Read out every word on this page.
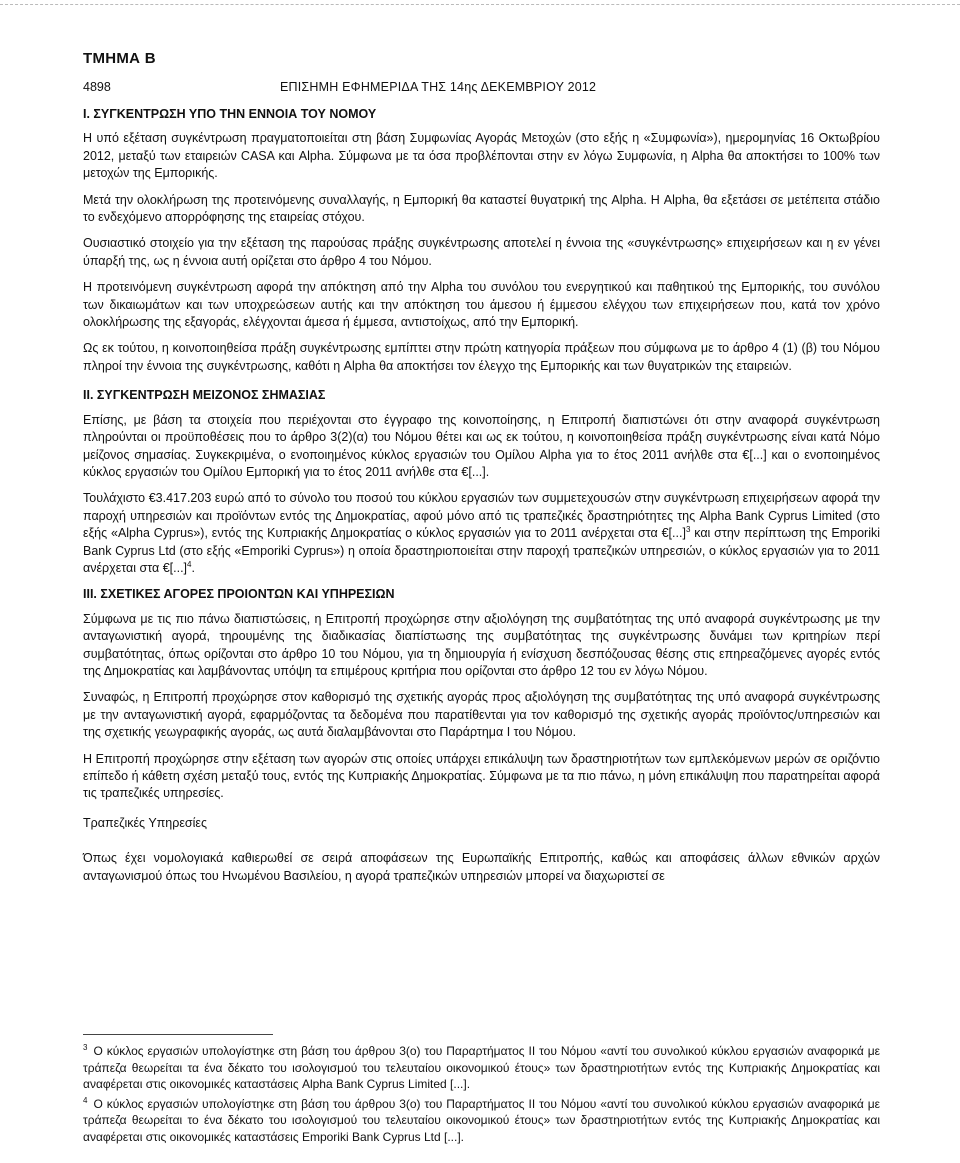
ΤΜΗΜΑ Β
4898	ΕΠΙΣΗΜΗ ΕΦΗΜΕΡΙΔΑ ΤΗΣ 14ης ΔΕΚΕΜΒΡΙΟΥ 2012
I. ΣΥΓΚΕΝΤΡΩΣΗ ΥΠΟ ΤΗΝ ΕΝΝΟΙΑ ΤΟΥ ΝΟΜΟΥ

Η υπό εξέταση συγκέντρωση πραγματοποιείται στη βάση Συμφωνίας Αγοράς Μετοχών (στο εξής η «Συμφωνία»), ημερομηνίας 16 Οκτωβρίου 2012, μεταξύ των εταιρειών CASA και Alpha. Σύμφωνα με τα όσα προβλέπονται στην εν λόγω Συμφωνία, η Alpha θα αποκτήσει το 100% των μετοχών της Εμπορικής.

Μετά την ολοκλήρωση της προτεινόμενης συναλλαγής, η Εμπορική θα καταστεί θυγατρική της Alpha. Η Alpha, θα εξετάσει σε μετέπειτα στάδιο το ενδεχόμενο απορρόφησης της εταιρείας στόχου.

Ουσιαστικό στοιχείο για την εξέταση της παρούσας πράξης συγκέντρωσης αποτελεί η έννοια της «συγκέντρωσης» επιχειρήσεων και η εν γένει ύπαρξή της, ως η έννοια αυτή ορίζεται στο άρθρο 4 του Νόμου.

Η προτεινόμενη συγκέντρωση αφορά την απόκτηση από την Alpha του συνόλου του ενεργητικού και παθητικού της Εμπορικής, του συνόλου των δικαιωμάτων και των υποχρεώσεων αυτής και την απόκτηση του άμεσου ή έμμεσου ελέγχου των επιχειρήσεων που, κατά τον χρόνο ολοκλήρωσης της εξαγοράς, ελέγχονται άμεσα ή έμμεσα, αντιστοίχως, από την Εμπορική.

Ως εκ τούτου, η κοινοποιηθείσα πράξη συγκέντρωσης εμπίπτει στην πρώτη κατηγορία πράξεων που σύμφωνα με το άρθρο 4 (1) (β) του Νόμου πληροί την έννοια της συγκέντρωσης, καθότι η Alpha θα αποκτήσει τον έλεγχο της Εμπορικής και των θυγατρικών της εταιρειών.

II. ΣΥΓΚΕΝΤΡΩΣΗ ΜΕΙΖΟΝΟΣ ΣΗΜΑΣΙΑΣ

Επίσης, με βάση τα στοιχεία που περιέχονται στο έγγραφο της κοινοποίησης, η Επιτροπή διαπιστώνει ότι στην αναφορά συγκέντρωση πληρούνται οι προϋποθέσεις που το άρθρο 3(2)(α) του Νόμου θέτει και ως εκ τούτου, η κοινοποιηθείσα πράξη συγκέντρωσης είναι κατά Νόμο μείζονος σημασίας. Συγκεκριμένα, ο ενοποιημένος κύκλος εργασιών του Ομίλου Alpha για το έτος 2011 ανήλθε στα €[...] και ο ενοποιημένος κύκλος εργασιών του Ομίλου Εμπορική για το έτος 2011 ανήλθε στα €[...].

Τουλάχιστο €3.417.203 ευρώ από το σύνολο του ποσού του κύκλου εργασιών των συμμετεχουσών στην συγκέντρωση επιχειρήσεων αφορά την παροχή υπηρεσιών και προϊόντων εντός της Δημοκρατίας, αφού μόνο από τις τραπεζικές δραστηριότητες της Alpha Bank Cyprus Limited (στο εξής «Alpha Cyprus»), εντός της Κυπριακής Δημοκρατίας ο κύκλος εργασιών για το 2011 ανέρχεται στα €[...]$^3$ και στην περίπτωση της Emporiki Bank Cyprus Ltd (στο εξής «Emporiki Cyprus») η οποία δραστηριοποιείται στην παροχή τραπεζικών υπηρεσιών, ο κύκλος εργασιών για το 2011 ανέρχεται στα €[...]$^4$.

III. ΣΧΕΤΙΚΕΣ ΑΓΟΡΕΣ ΠΡΟΙΟΝΤΩΝ ΚΑΙ ΥΠΗΡΕΣΙΩΝ

Σύμφωνα με τις πιο πάνω διαπιστώσεις, η Επιτροπή προχώρησε στην αξιολόγηση της συμβατότητας της υπό αναφορά συγκέντρωσης με την ανταγωνιστική αγορά, τηρουμένης της διαδικασίας διαπίστωσης της συμβατότητας της συγκέντρωσης δυνάμει των κριτηρίων περί συμβατότητας, όπως ορίζονται στο άρθρο 10 του Νόμου, για τη δημιουργία ή ενίσχυση δεσπόζουσας θέσης στις επηρεαζόμενες αγορές εντός της Δημοκρατίας και λαμβάνοντας υπόψη τα επιμέρους κριτήρια που ορίζονται στο άρθρο 12 του εν λόγω Νόμου.

Συναφώς, η Επιτροπή προχώρησε στον καθορισμό της σχετικής αγοράς προς αξιολόγηση της συμβατότητας της υπό αναφορά συγκέντρωσης με την ανταγωνιστική αγορά, εφαρμόζοντας τα δεδομένα που παρατίθενται για τον καθορισμό της σχετικής αγοράς προϊόντος/υπηρεσιών και της σχετικής γεωγραφικής αγοράς, ως αυτά διαλαμβάνονται στο Παράρτημα I του Νόμου.

Η Επιτροπή προχώρησε στην εξέταση των αγορών στις οποίες υπάρχει επικάλυψη των δραστηριοτήτων των εμπλεκόμενων μερών σε οριζόντιο επίπεδο ή κάθετη σχέση μεταξύ τους, εντός της Κυπριακής Δημοκρατίας. Σύμφωνα με τα πιο πάνω, η μόνη επικάλυψη που παρατηρείται αφορά τις τραπεζικές υπηρεσίες.

Τραπεζικές Υπηρεσίες

Όπως έχει νομολογιακά καθιερωθεί σε σειρά αποφάσεων της Ευρωπαϊκής Επιτροπής, καθώς και αποφάσεις άλλων εθνικών αρχών ανταγωνισμού όπως του Ηνωμένου Βασιλείου, η αγορά τραπεζικών υπηρεσιών μπορεί να διαχωριστεί σε

$^3$ Ο κύκλος εργασιών υπολογίστηκε στη βάση του άρθρου 3(ο) του Παραρτήματος II του Νόμου «αντί του συνολικού κύκλου εργασιών αναφορικά με τράπεζα θεωρείται τα ένα δέκατο του ισολογισμού του τελευταίου οικονομικού έτους» των δραστηριοτήτων εντός της Κυπριακής Δημοκρατίας και αναφέρεται στις οικονομικές καταστάσεις Alpha Bank Cyprus Limited [...].

$^4$ Ο κύκλος εργασιών υπολογίστηκε στη βάση του άρθρου 3(ο) του Παραρτήματος II του Νόμου «αντί του συνολικού κύκλου εργασιών αναφορικά με τράπεζα θεωρείται το ένα δέκατο του ισολογισμού του τελευταίου οικονομικού έτους» των δραστηριοτήτων εντός της Κυπριακής Δημοκρατίας και αναφέρεται στις οικονομικές καταστάσεις Emporiki Bank Cyprus Ltd [...].
